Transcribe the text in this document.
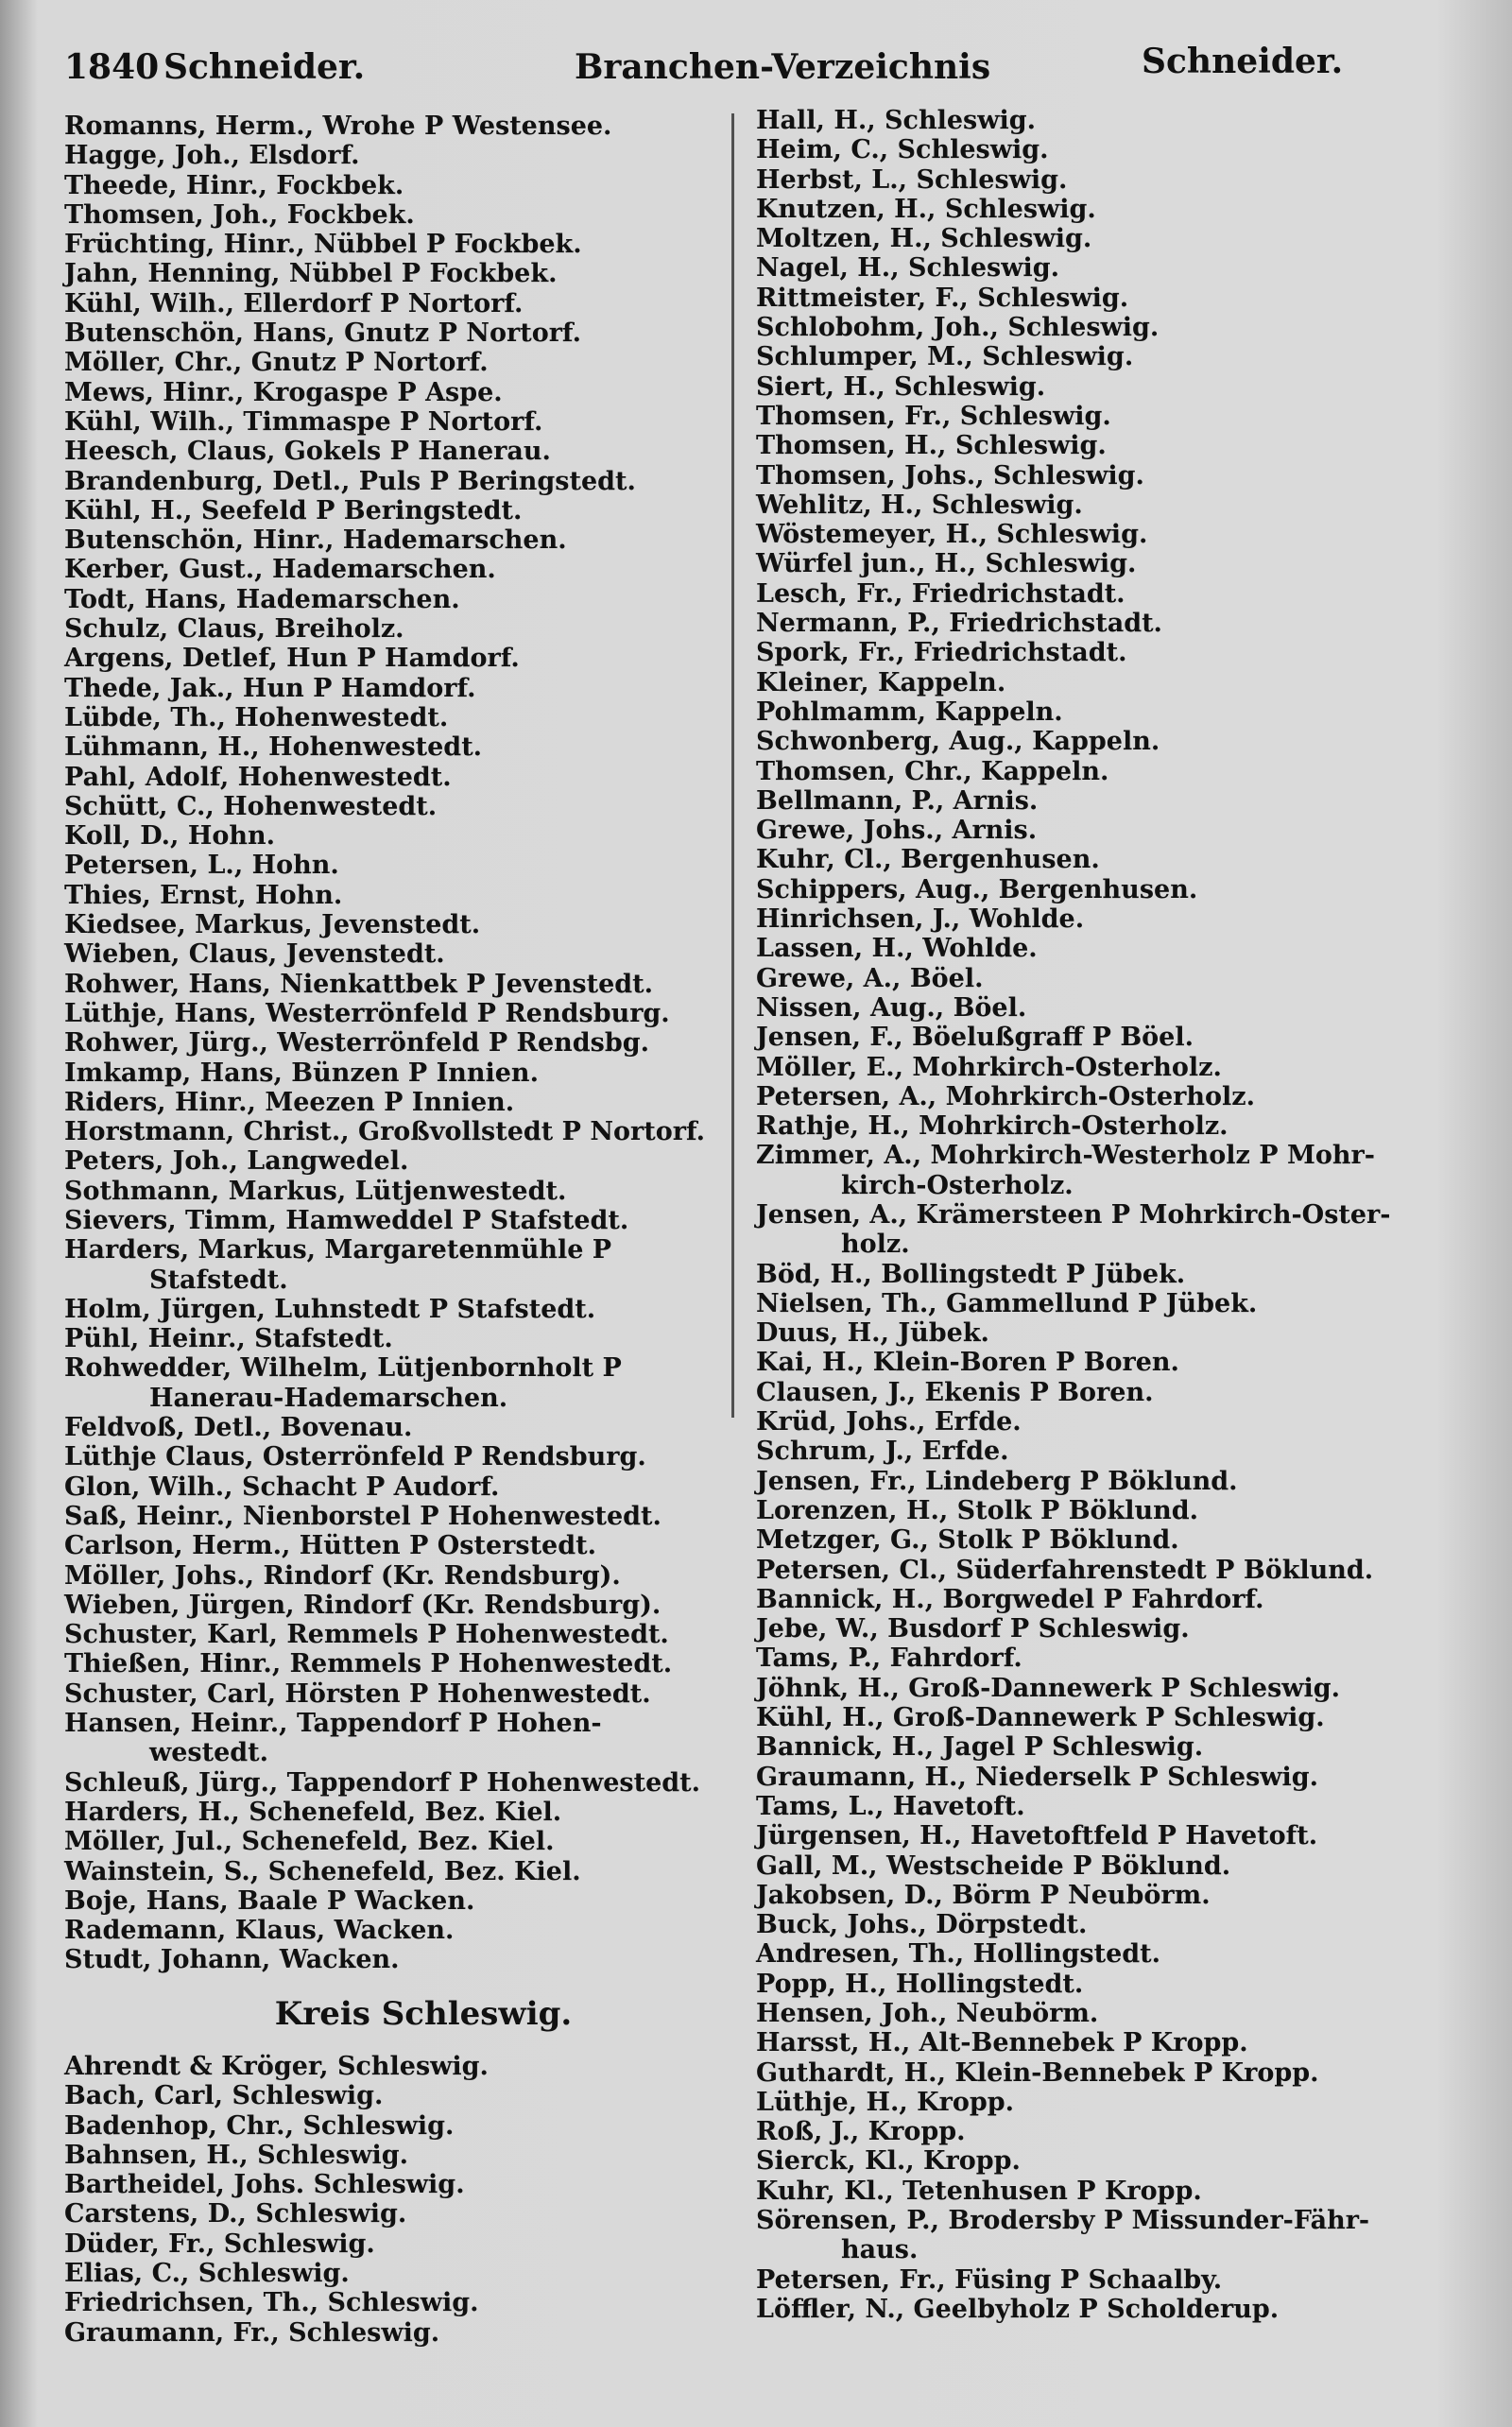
1840 Schneider.	Branchen-Verzeichnis	Schneider.
Romanns, Herm., Wrohe P Westensee.
Hagge, Joh., Elsdorf.
Theede, Hinr., Fockbek.
Thomsen, Joh., Fockbek.
Früchting, Hinr., Nübbel P Fockbek.
Jahn, Henning, Nübbel P Fockbek.
Kühl, Wilh., Ellerdorf P Nortorf.
Butenschön, Hans, Gnutz P Nortorf.
Möller, Chr., Gnutz P Nortorf.
Mews, Hinr., Krogaspe P Aspe.
Kühl, Wilh., Timmaspe P Nortorf.
Heesch, Claus, Gokels P Hanerau.
Brandenburg, Detl., Puls P Beringstedt.
Kühl, H., Seefeld P Beringstedt.
Butenschön, Hinr., Hademarschen.
Kerber, Gust., Hademarschen.
Todt, Hans, Hademarschen.
Schulz, Claus, Breiholz.
Argens, Detlef, Hun P Hamdorf.
Thede, Jak., Hun P Hamdorf.
Lübde, Th., Hohenwestedt.
Lühmann, H., Hohenwestedt.
Pahl, Adolf, Hohenwestedt.
Schütt, C., Hohenwestedt.
Koll, D., Hohn.
Petersen, L., Hohn.
Thies, Ernst, Hohn.
Kiedsee, Markus, Jevenstedt.
Wieben, Claus, Jevenstedt.
Rohwer, Hans, Nienkattbek P Jevenstedt.
Lüthje, Hans, Westerrönfeld P Rendsburg.
Rohwer, Jürg., Westerrönfeld P Rendsbg.
Imkamp, Hans, Bünzen P Innien.
Riders, Hinr., Meezen P Innien.
Horstmann, Christ., Großvollstedt P Nortorf.
Peters, Joh., Langwedel.
Sothmann, Markus, Lütjenwestedt.
Sievers, Timm, Hamweddel P Stafstedt.
Harders, Markus, Margaretenmühle P
Stafstedt.
Holm, Jürgen, Luhnstedt P Stafstedt.
Pühl, Heinr., Stafstedt.
Rohwedder, Wilhelm, Lütjenbornholt P
Hanerau-Hademarschen.
Feldvoß, Detl., Bovenau.
Lüthje Claus, Osterrönfeld P Rendsburg.
Glon, Wilh., Schacht P Audorf.
Saß, Heinr., Nienborstel P Hohenwestedt.
Carlson, Herm., Hütten P Osterstedt.
Möller, Johs., Rindorf (Kr. Rendsburg).
Wieben, Jürgen, Rindorf (Kr. Rendsburg).
Schuster, Karl, Remmels P Hohenwestedt.
Thießen, Hinr., Remmels P Hohenwestedt.
Schuster, Carl, Hörsten P Hohenwestedt.
Hansen, Heinr., Tappendorf P Hohen-
westedt.
Schleuß, Jürg., Tappendorf P Hohenwestedt.
Harders, H., Schenefeld, Bez. Kiel.
Möller, Jul., Schenefeld, Bez. Kiel.
Wainstein, S., Schenefeld, Bez. Kiel.
Boje, Hans, Baale P Wacken.
Rademann, Klaus, Wacken.
Studt, Johann, Wacken.
Kreis Schleswig.
Ahrendt & Kröger, Schleswig.
Bach, Carl, Schleswig.
Badenhop, Chr., Schleswig.
Bahnsen, H., Schleswig.
Bartheidel, Johs. Schleswig.
Carstens, D., Schleswig.
Düder, Fr., Schleswig.
Elias, C., Schleswig.
Friedrichsen, Th., Schleswig.
Graumann, Fr., Schleswig.
Hall, H., Schleswig.
Heim, C., Schleswig.
Herbst, L., Schleswig.
Knutzen, H., Schleswig.
Moltzen, H., Schleswig.
Nagel, H., Schleswig.
Rittmeister, F., Schleswig.
Schlobohm, Joh., Schleswig.
Schlumper, M., Schleswig.
Siert, H., Schleswig.
Thomsen, Fr., Schleswig.
Thomsen, H., Schleswig.
Thomsen, Johs., Schleswig.
Wehlitz, H., Schleswig.
Wöstemeyer, H., Schleswig.
Würfel jun., H., Schleswig.
Lesch, Fr., Friedrichstadt.
Nermann, P., Friedrichstadt.
Spork, Fr., Friedrichstadt.
Kleiner, Kappeln.
Pohlmamm, Kappeln.
Schwonberg, Aug., Kappeln.
Thomsen, Chr., Kappeln.
Bellmann, P., Arnis.
Grewe, Johs., Arnis.
Kuhr, Cl., Bergenhusen.
Schippers, Aug., Bergenhusen.
Hinrichsen, J., Wohlde.
Lassen, H., Wohlde.
Grewe, A., Böel.
Nissen, Aug., Böel.
Jensen, F., Böelußgraff P Böel.
Möller, E., Mohrkirch-Osterholz.
Petersen, A., Mohrkirch-Osterholz.
Rathje, H., Mohrkirch-Osterholz.
Zimmer, A., Mohrkirch-Westerholz P Mohr-
kirch-Osterholz.
Jensen, A., Krämersteen P Mohrkirch-Oster-
holz.
Böd, H., Bollingstedt P Jübek.
Nielsen, Th., Gammellund P Jübek.
Duus, H., Jübek.
Kai, H., Klein-Boren P Boren.
Clausen, J., Ekenis P Boren.
Krüd, Johs., Erfde.
Schrum, J., Erfde.
Jensen, Fr., Lindeberg P Böklund.
Lorenzen, H., Stolk P Böklund.
Metzger, G., Stolk P Böklund.
Petersen, Cl., Süderfahrenstedt P Böklund.
Bannick, H., Borgwedel P Fahrdorf.
Jebe, W., Busdorf P Schleswig.
Tams, P., Fahrdorf.
Jöhnk, H., Groß-Dannewerk P Schleswig.
Kühl, H., Groß-Dannewerk P Schleswig.
Bannick, H., Jagel P Schleswig.
Graumann, H., Niederselk P Schleswig.
Tams, L., Havetoft.
Jürgensen, H., Havetoftfeld P Havetoft.
Gall, M., Westscheide P Böklund.
Jakobsen, D., Börm P Neubörm.
Buck, Johs., Dörpstedt.
Andresen, Th., Hollingstedt.
Popp, H., Hollingstedt.
Hensen, Joh., Neubörm.
Harsst, H., Alt-Bennebek P Kropp.
Guthardt, H., Klein-Bennebek P Kropp.
Lüthje, H., Kropp.
Roß, J., Kropp.
Sierck, Kl., Kropp.
Kuhr, Kl., Tetenhusen P Kropp.
Sörensen, P., Brodersby P Missunder-Fähr-
haus.
Petersen, Fr., Füsing P Schaalby.
Löffler, N., Geelbyholz P Scholderup.
